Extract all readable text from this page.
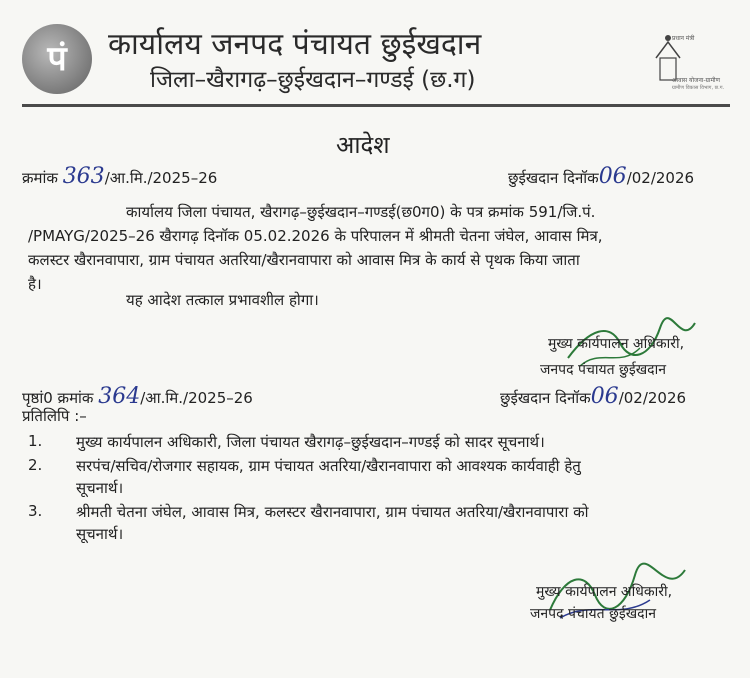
पं	कार्यालय जनपद पंचायत छुईखदान
जिला–खैरागढ़–छुईखदान–गण्डई (छ.ग)
प्रधान मंत्री
आवास योजना-ग्रामीण
ग्रामीण विकास विभाग, छ.ग.
आदेश
क्रमांक 363/आ.मि./2025–26	छुईखदान दिनॉक06/02/2026
कार्यालय जिला पंचायत, खैरागढ़–छुईखदान–गण्डई(छ0ग0) के पत्र क्रमांक 591/जि.पं.
/PMAYG/2025–26 खैरागढ़ दिनॉक 05.02.2026 के परिपालन में श्रीमती चेतना जंघेल, आवास मित्र,
कलस्टर खैरानवापारा, ग्राम पंचायत अतरिया/खैरानवापारा को आवास मित्र के कार्य से पृथक किया जाता
है।
यह आदेश तत्काल प्रभावशील होगा।
मुख्य कार्यपालन अधिकारी,
जनपद पंचायत छुईखदान
पृष्ठां0 क्रमांक 364/आ.मि./2025–26	छुईखदान दिनॉक06/02/2026
प्रतिलिपि :–
1. मुख्य कार्यपालन अधिकारी, जिला पंचायत खैरागढ़–छुईखदान–गण्डई को सादर सूचनार्थ।
2. सरपंच/सचिव/रोजगार सहायक, ग्राम पंचायत अतरिया/खैरानवापारा को आवश्यक कार्यवाही हेतु
सूचनार्थ।
3. श्रीमती चेतना जंघेल, आवास मित्र, कलस्टर खैरानवापारा, ग्राम पंचायत अतरिया/खैरानवापारा को
सूचनार्थ।
मुख्य कार्यपालन अधिकारी,
जनपद पंचायत छुईखदान
